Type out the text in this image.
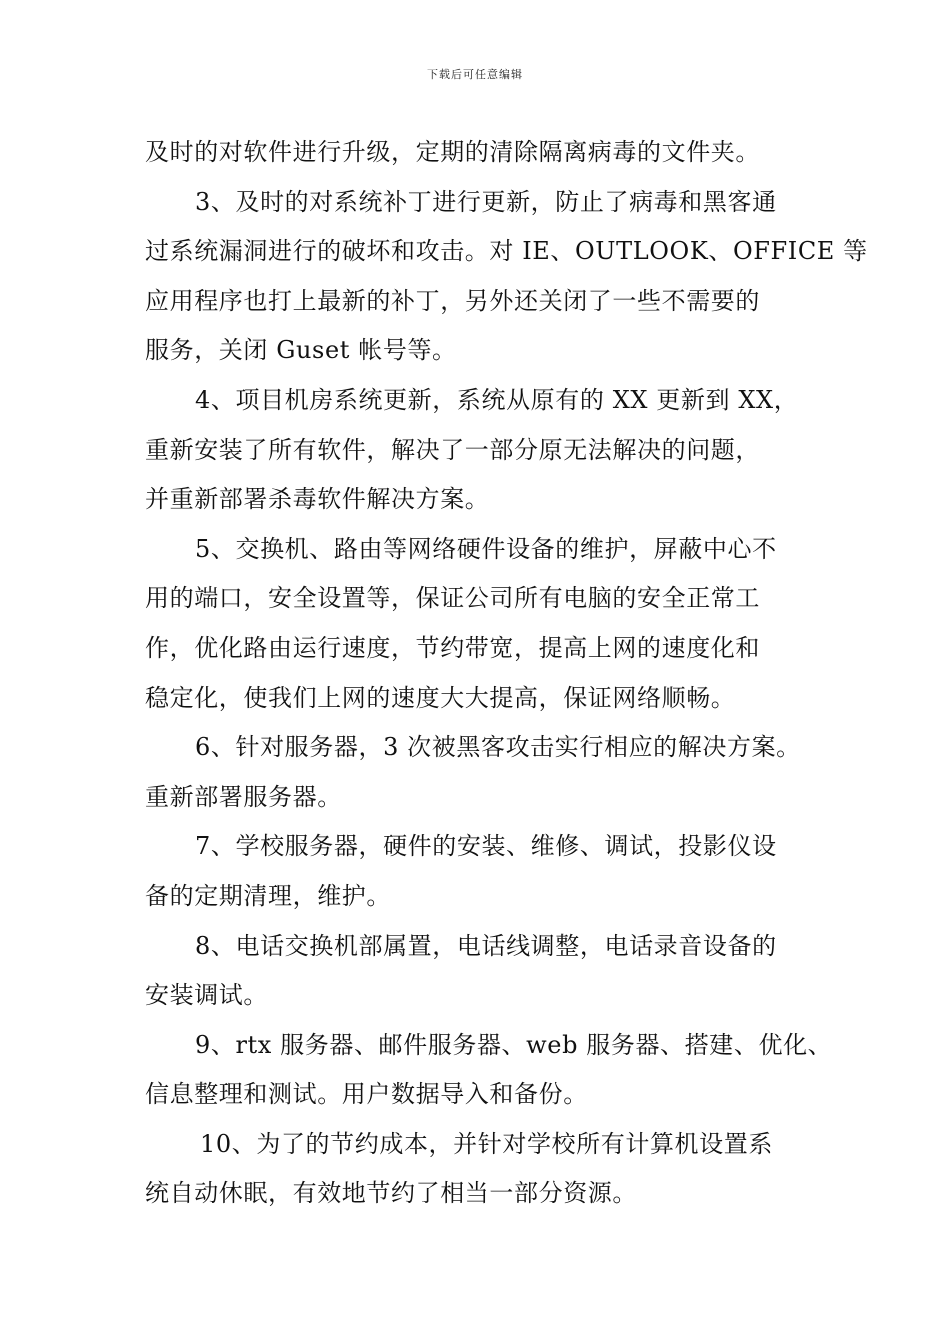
下载后可任意编辑
及时的对软件进行升级，定期的清除隔离病毒的文件夹。
3、及时的对系统补丁进行更新，防止了病毒和黑客通
过系统漏洞进行的破坏和攻击。对 IE、OUTLOOK、OFFICE 等
应用程序也打上最新的补丁，另外还关闭了一些不需要的
服务，关闭 Guset 帐号等。
4、项目机房系统更新，系统从原有的 XX 更新到 XX，
重新安装了所有软件，解决了一部分原无法解决的问题，
并重新部署杀毒软件解决方案。
5、交换机、路由等网络硬件设备的维护，屏蔽中心不
用的端口，安全设置等，保证公司所有电脑的安全正常工
作，优化路由运行速度，节约带宽，提高上网的速度化和
稳定化，使我们上网的速度大大提高，保证网络顺畅。
6、针对服务器，3 次被黑客攻击实行相应的解决方案。
重新部署服务器。
7、学校服务器，硬件的安装、维修、调试，投影仪设
备的定期清理，维护。
8、电话交换机部属置，电话线调整，电话录音设备的
安装调试。
9、rtx 服务器、邮件服务器、web 服务器、搭建、优化、
信息整理和测试。用户数据导入和备份。
10、为了的节约成本，并针对学校所有计算机设置系
统自动休眠，有效地节约了相当一部分资源。
